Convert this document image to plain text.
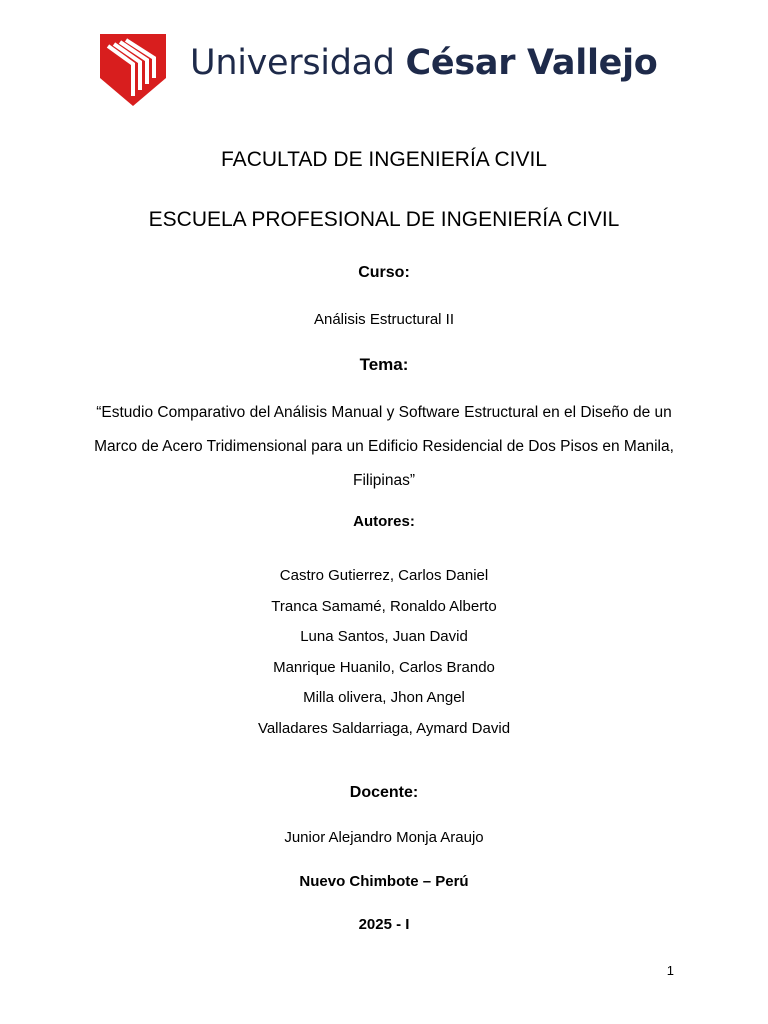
Universidad César Vallejo
FACULTAD DE INGENIERÍA CIVIL
ESCUELA PROFESIONAL DE INGENIERÍA CIVIL
Curso:
Análisis Estructural II
Tema:
“Estudio Comparativo del Análisis Manual y Software Estructural en el Diseño de un Marco de Acero Tridimensional para un Edificio Residencial de Dos Pisos en Manila, Filipinas”
Autores:
Castro Gutierrez, Carlos Daniel
Tranca Samamé, Ronaldo Alberto
Luna Santos, Juan David
Manrique Huanilo, Carlos Brando
Milla olivera, Jhon Angel
Valladares Saldarriaga, Aymard David
Docente:
Junior Alejandro Monja Araujo
Nuevo Chimbote – Perú
2025 - I
1
